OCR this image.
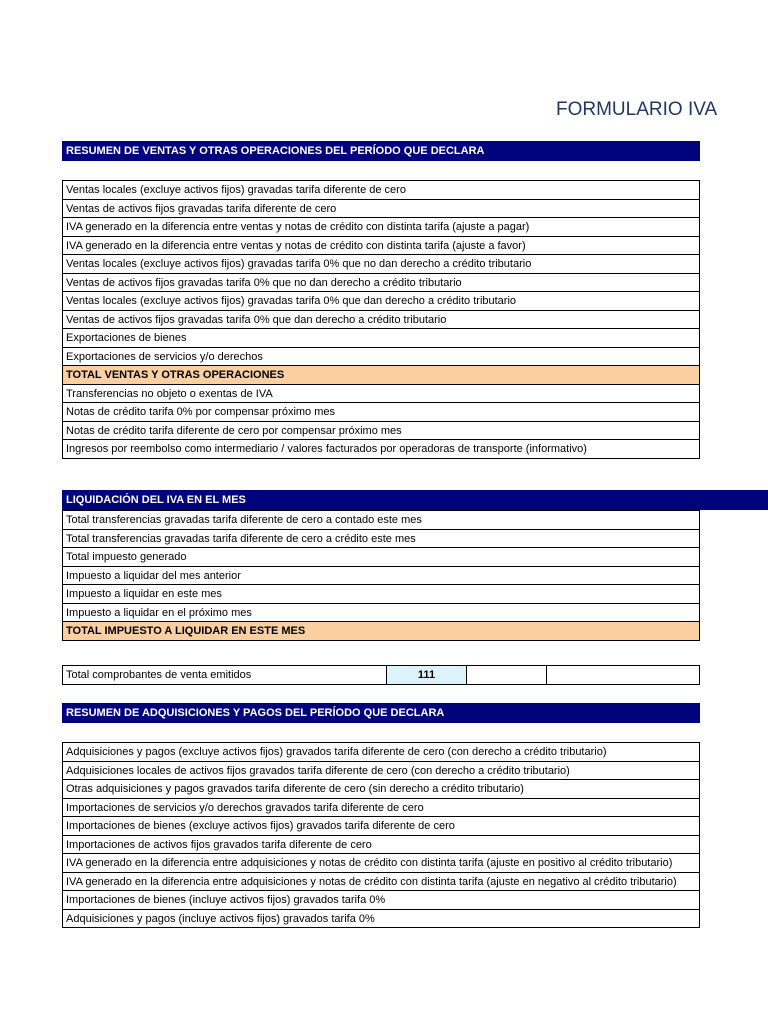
FORMULARIO IVA
RESUMEN DE VENTAS Y OTRAS OPERACIONES DEL PERÍODO QUE DECLARA
Ventas locales (excluye activos fijos) gravadas tarifa diferente de cero
Ventas de activos fijos gravadas tarifa diferente de cero
IVA generado en la diferencia entre ventas y notas de crédito con distinta tarifa (ajuste a pagar)
IVA generado en la diferencia entre ventas y notas de crédito con distinta tarifa (ajuste a favor)
Ventas locales (excluye activos fijos) gravadas tarifa 0% que no dan derecho a crédito tributario
Ventas de activos fijos gravadas tarifa 0% que no dan derecho a crédito tributario
Ventas locales (excluye activos fijos) gravadas tarifa 0% que dan derecho a crédito tributario
Ventas de activos fijos gravadas tarifa 0% que dan derecho a crédito tributario
Exportaciones de bienes
Exportaciones de servicios y/o derechos
TOTAL VENTAS Y OTRAS OPERACIONES
Transferencias no objeto o exentas de IVA
Notas de crédito tarifa 0% por compensar próximo mes
Notas de crédito tarifa diferente de cero por compensar próximo mes
Ingresos por reembolso como intermediario / valores facturados por operadoras de transporte (informativo)
LIQUIDACIÓN DEL IVA EN EL MES
Total transferencias gravadas tarifa diferente de cero a contado este mes
Total transferencias gravadas tarifa diferente de cero a crédito este mes
Total impuesto generado
Impuesto a liquidar del mes anterior
Impuesto a liquidar en este mes
Impuesto a liquidar en el próximo mes
TOTAL IMPUESTO A LIQUIDAR EN ESTE MES
Total comprobantes de venta emitidos	111
RESUMEN DE ADQUISICIONES Y PAGOS DEL PERÍODO QUE DECLARA
Adquisiciones y pagos (excluye activos fijos) gravados tarifa diferente de cero (con derecho a crédito tributario)
Adquisiciones locales de activos fijos gravados tarifa diferente de cero (con derecho a crédito tributario)
Otras adquisiciones y pagos gravados tarifa diferente de cero (sin derecho a crédito tributario)
Importaciones de servicios y/o derechos gravados tarifa diferente de cero
Importaciones de bienes (excluye activos fijos) gravados tarifa diferente de cero
Importaciones de activos fijos gravados tarifa diferente de cero
IVA generado en la diferencia entre adquisiciones y notas de crédito con distinta tarifa (ajuste en positivo al crédito tributario)
IVA generado en la diferencia entre adquisiciones y notas de crédito con distinta tarifa (ajuste en negativo al crédito tributario)
Importaciones de bienes (incluye activos fijos) gravados tarifa 0%
Adquisiciones y pagos (incluye activos fijos) gravados tarifa 0%
